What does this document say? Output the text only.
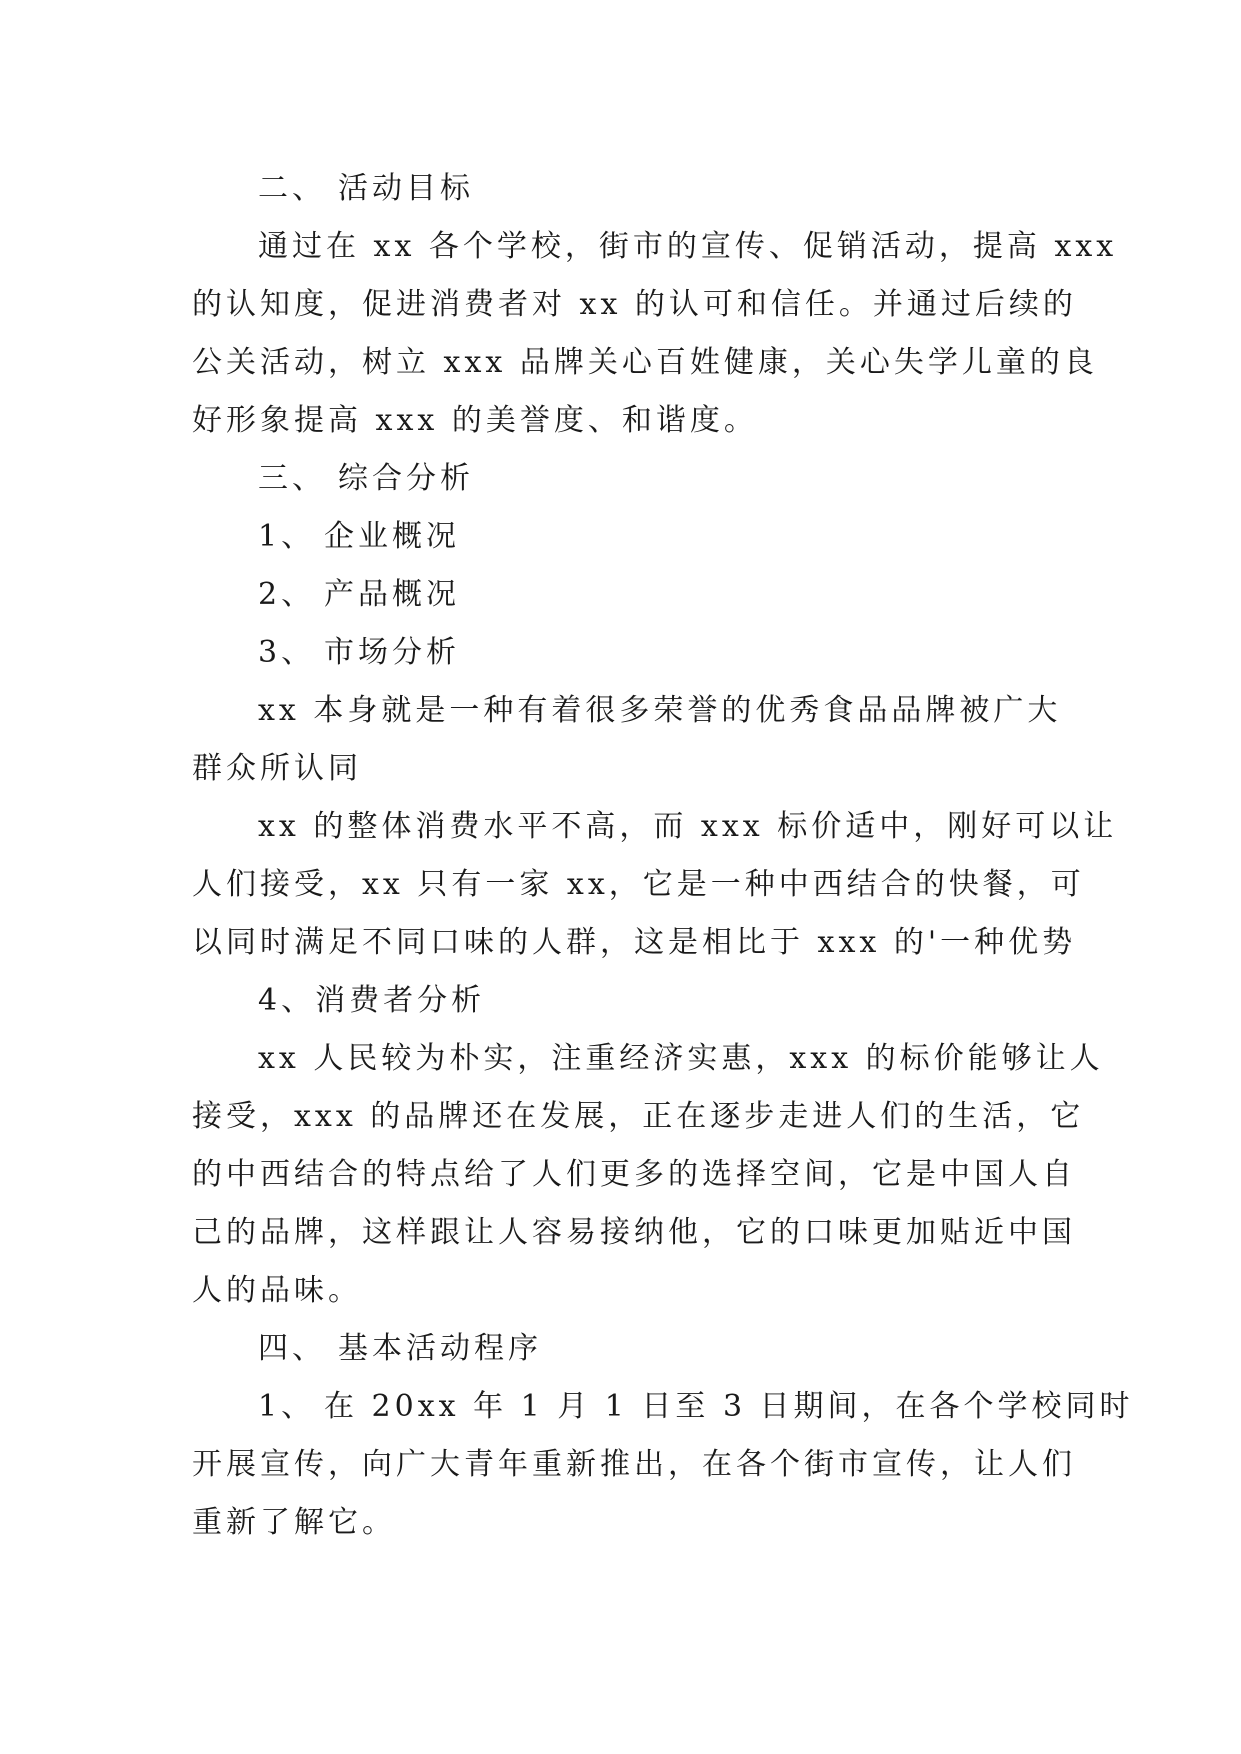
二、 活动目标
通过在 xx 各个学校，街市的宣传、促销活动，提高 xxx
的认知度，促进消费者对 xx 的认可和信任。并通过后续的
公关活动，树立 xxx 品牌关心百姓健康，关心失学儿童的良
好形象提高 xxx 的美誉度、和谐度。
三、 综合分析
1、 企业概况
2、 产品概况
3、 市场分析
xx 本身就是一种有着很多荣誉的优秀食品品牌被广大
群众所认同
xx 的整体消费水平不高，而 xxx 标价适中，刚好可以让
人们接受，xx 只有一家 xx，它是一种中西结合的快餐，可
以同时满足不同口味的人群，这是相比于 xxx 的'一种优势
4、消费者分析
xx 人民较为朴实，注重经济实惠，xxx 的标价能够让人
接受，xxx 的品牌还在发展，正在逐步走进人们的生活，它
的中西结合的特点给了人们更多的选择空间，它是中国人自
己的品牌，这样跟让人容易接纳他，它的口味更加贴近中国
人的品味。
四、 基本活动程序
1、 在 20xx 年 1 月 1 日至 3 日期间，在各个学校同时
开展宣传，向广大青年重新推出，在各个街市宣传，让人们
重新了解它。
